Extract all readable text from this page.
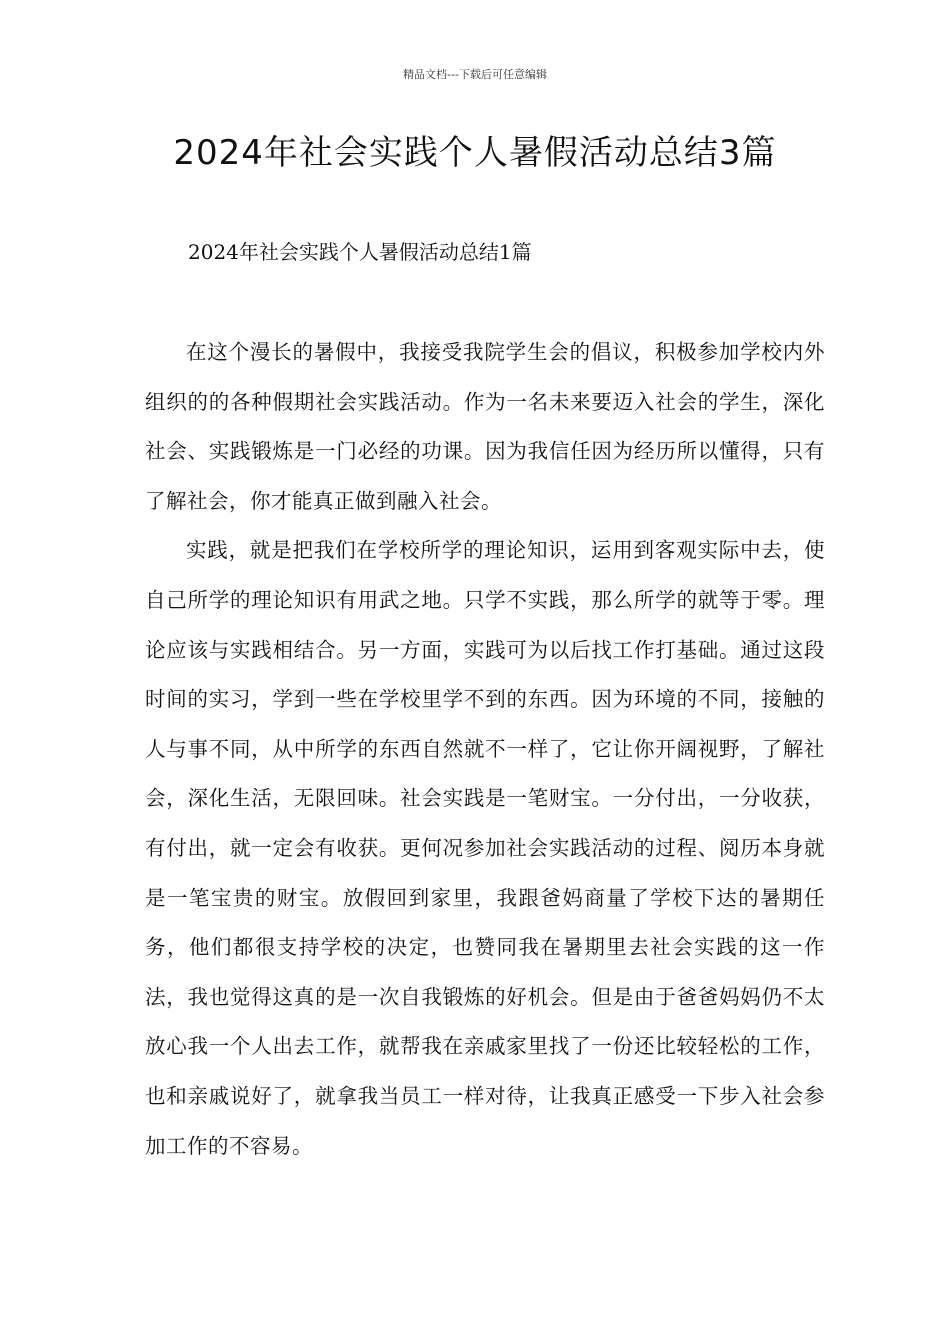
精品文档---下载后可任意编辑
2024年社会实践个人暑假活动总结3篇

2024年社会实践个人暑假活动总结1篇

在这个漫长的暑假中，我接受我院学生会的倡议，积极参加学校内外组织的的各种假期社会实践活动。作为一名未来要迈入社会的学生，深化社会、实践锻炼是一门必经的功课。因为我信任因为经历所以懂得，只有了解社会，你才能真正做到融入社会。

实践，就是把我们在学校所学的理论知识，运用到客观实际中去，使自己所学的理论知识有用武之地。只学不实践，那么所学的就等于零。理论应该与实践相结合。另一方面，实践可为以后找工作打基础。通过这段时间的实习，学到一些在学校里学不到的东西。因为环境的不同，接触的人与事不同，从中所学的东西自然就不一样了，它让你开阔视野，了解社会，深化生活，无限回味。社会实践是一笔财宝。一分付出，一分收获，有付出，就一定会有收获。更何况参加社会实践活动的过程、阅历本身就是一笔宝贵的财宝。放假回到家里，我跟爸妈商量了学校下达的暑期任务，他们都很支持学校的决定，也赞同我在暑期里去社会实践的这一作法，我也觉得这真的是一次自我锻炼的好机会。但是由于爸爸妈妈仍不太放心我一个人出去工作，就帮我在亲戚家里找了一份还比较轻松的工作，也和亲戚说好了，就拿我当员工一样对待，让我真正感受一下步入社会参加工作的不容易。
